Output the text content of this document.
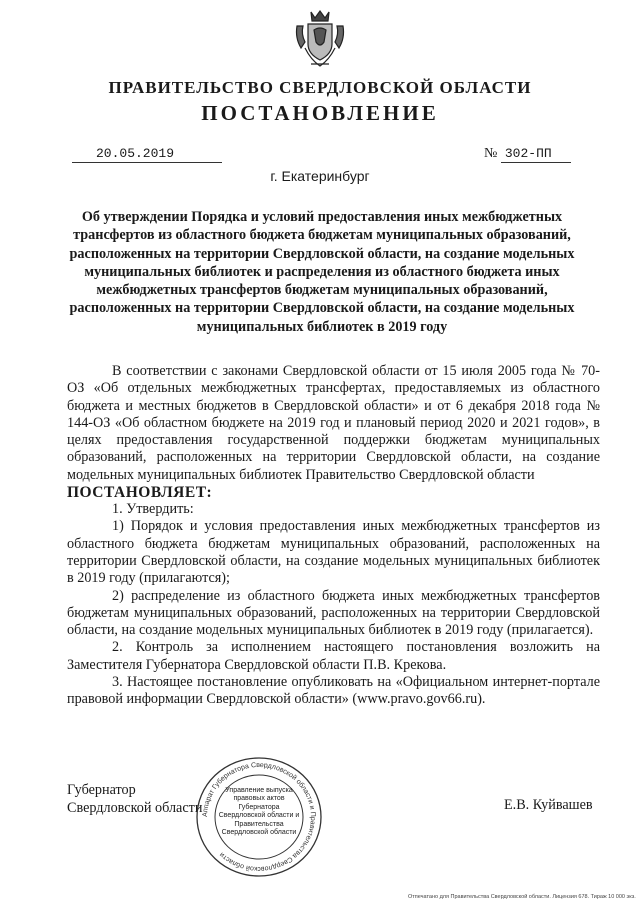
ПРАВИТЕЛЬСТВО СВЕРДЛОВСКОЙ ОБЛАСТИ
ПОСТАНОВЛЕНИЕ
20.05.2019	№ 302-ПП
г. Екатеринбург
Об утверждении Порядка и условий предоставления иных межбюджетных трансфертов из областного бюджета бюджетам муниципальных образований, расположенных на территории Свердловской области, на создание модельных муниципальных библиотек и распределения из областного бюджета иных межбюджетных трансфертов бюджетам муниципальных образований, расположенных на территории Свердловской области, на создание модельных муниципальных библиотек в 2019 году

В соответствии с законами Свердловской области от 15 июля 2005 года № 70-ОЗ «Об отдельных межбюджетных трансфертах, предоставляемых из областного бюджета и местных бюджетов в Свердловской области» и от 6 декабря 2018 года № 144-ОЗ «Об областном бюджете на 2019 год и плановый период 2020 и 2021 годов», в целях предоставления государственной поддержки бюджетам муниципальных образований, расположенных на территории Свердловской области, на создание модельных муниципальных библиотек Правительство Свердловской области

ПОСТАНОВЛЯЕТ:

1. Утвердить:

1) Порядок и условия предоставления иных межбюджетных трансфертов из областного бюджета бюджетам муниципальных образований, расположенных на территории Свердловской области, на создание модельных муниципальных библиотек в 2019 году (прилагаются);

2) распределение из областного бюджета иных межбюджетных трансфертов бюджетам муниципальных образований, расположенных на территории Свердловской области, на создание модельных муниципальных библиотек в 2019 году (прилагается).

2. Контроль за исполнением настоящего постановления возложить на Заместителя Губернатора Свердловской области П.В. Крекова.

3. Настоящее постановление опубликовать на «Официальном интернет-портале правовой информации Свердловской области» (www.pravo.gov66.ru).

Губернатор
Свердловской области	Е.В. Куйвашев
Аппарат Губернатора Свердловской области и Правительства Свердловской области
Управление выпуска правовых актов Губернатора Свердловской области и Правительства Свердловской области
Отпечатано для Правительства Свердловской области. Лицензия 678. Тираж 10 000 экз.
